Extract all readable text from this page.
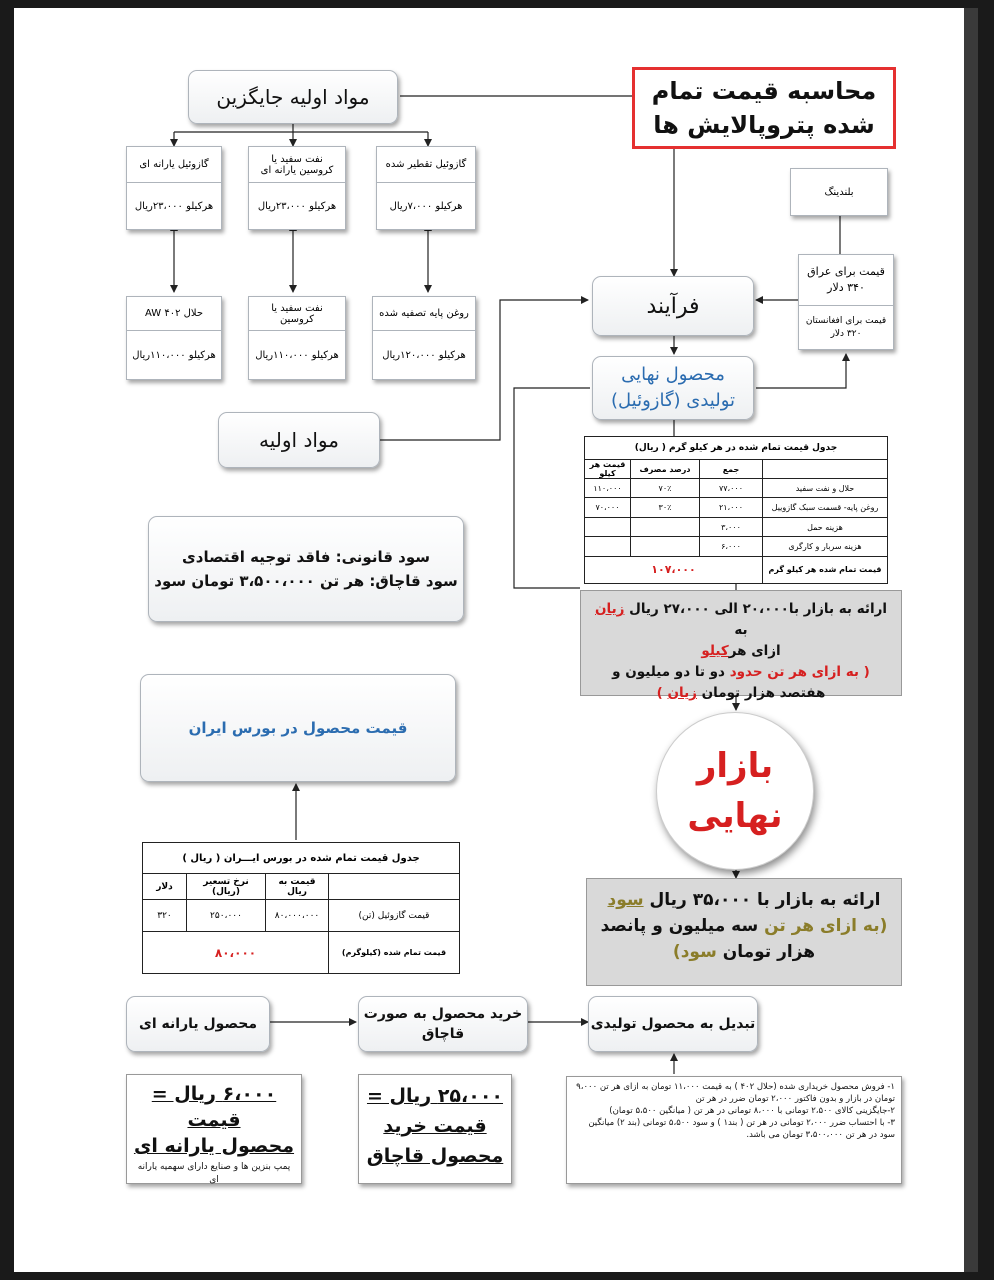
محاسبه قیمت تمام
شده پتروپالایش ها
مواد اولیه جایگزین
گازوئیل یارانه ای
هرکیلو ۲۳،۰۰۰ریال
نفت سفید یا کروسین یارانه ای
هرکیلو ۲۳،۰۰۰ریال
گازوئیل تقطیر شده
هرکیلو ۷،۰۰۰ریال
حلال ۴۰۲ AW
هرکیلو ۱۱۰،۰۰۰ریال
نفت سفید یا کروسین
هرکیلو ۱۱۰،۰۰۰ریال
روغن پایه تصفیه شده
هرکیلو ۱۲۰،۰۰۰ریال
مواد اولیه
بلندینگ
قیمت برای عراق
۳۴۰ دلار
قیمت برای افغانستان
۳۲۰ دلار
فرآیند
محصول نهایی
تولیدی (گازوئیل)
جدول قیمت تمام شده در هر کیلو گرم ( ریال)			
	جمع	درصد مصرف	قیمت هر کیلو
حلال و نفت سفید	۷۷،۰۰۰	۷۰٪	۱۱۰،۰۰۰
روغن پایه- قسمت سبک گازوییل	۲۱،۰۰۰	۳۰٪	۷۰،۰۰۰
هزینه حمل	۳،۰۰۰		
هزینه سربار و کارگری	۶،۰۰۰		
قیمت تمام شده هر کیلو گرم	۱۰۷،۰۰۰		
سود قانونی: فاقد توجیه اقتصادی
سود قاچاق: هر تن ۳،۵۰۰،۰۰۰ تومان سود
ارائه به بازار با۲۰،۰۰۰ الی ۲۷،۰۰۰ ریال زیان به
ازای هرکیلو
( به ازای هر تن حدود دو تا دو میلیون و
هفتصد هزار تومان زیان )
قیمت محصول در بورس ایران
بازار
نهایی
جدول قیمت تمام شده در بورس ایـــران ( ریال )			
	قیمت به ریال	نرخ تسعیر (ریال)	دلار
قیمت گازوئیل (تن)	۸۰،۰۰۰،۰۰۰	۲۵۰،۰۰۰	۳۲۰
قیمت تمام شده (کیلوگرم)	۸۰،۰۰۰		
ارائه به بازار با ۳۵،۰۰۰ ریال سود
(به ازای هر تن سه میلیون و پانصد
هزار تومان سود)
محصول یارانه ای
خرید محصول به صورت
قاچاق
تبدیل به محصول تولیدی
۶،۰۰۰ ریال = قیمت
محصول یارانه ای
پمپ بنزین ها و صنایع دارای سهمیه یارانه ای
۲۵،۰۰۰ ریال =
قیمت خرید
محصول قاچاق
۱- فروش محصول خریداری شده (حلال ۴۰۲ ) به قیمت ۱۱،۰۰۰ تومان به ازای هر تن ۹،۰۰۰ تومان در بازار و بدون فاکتور ۲،۰۰۰ تومان ضرر در هر تن
۲-جایگزینی کالای ۲،۵۰۰ تومانی با ۸،۰۰۰ تومانی در هر تن ( میانگین ۵،۵۰۰ تومان)
۳- با احتساب ضرر ۲،۰۰۰ تومانی در هر تن ( بند۱ ) و سود ۵،۵۰۰ تومانی (بند ۲) میانگین سود در هر تن ۳،۵۰۰،۰۰۰ تومان می باشد.
